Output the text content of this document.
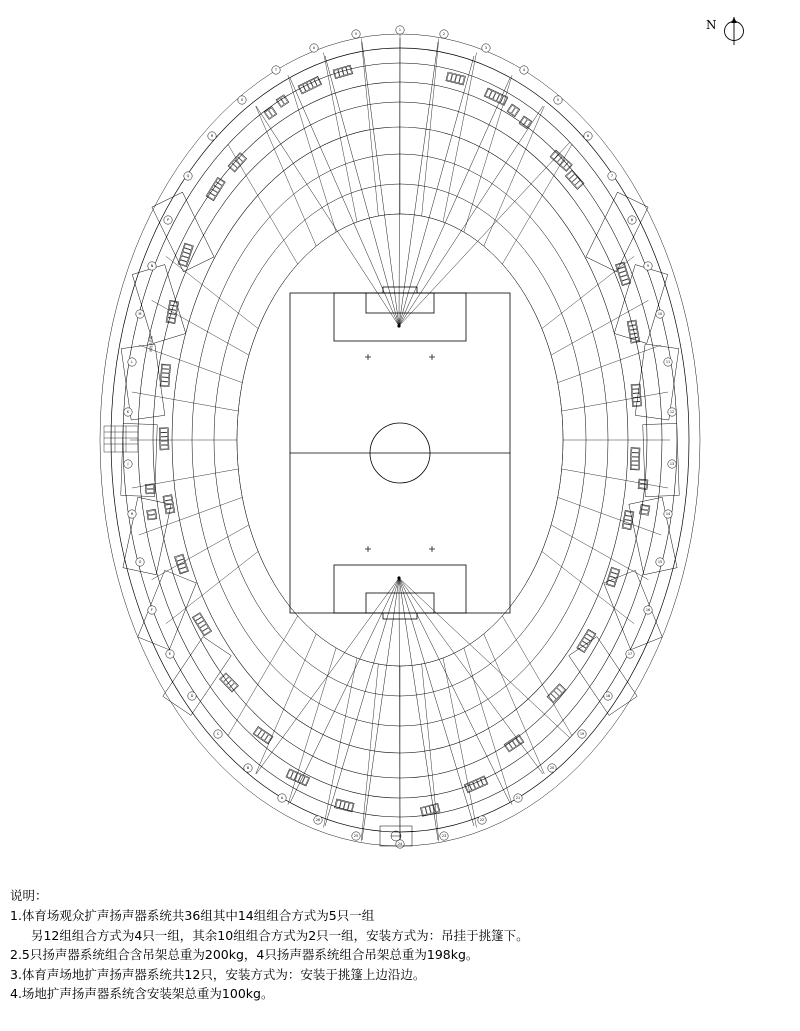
N
1
2
3
4
5
6
7
8
9
10
11
12
13
14
15
16
17
18
19
20
21
22
23
24
25
26
A
B
C
D
E
F
G
H
J
K
L
M
N
P
Q
R
S
T
U
V
场地扬声器
说明：
1.体育场观众扩声扬声器系统共36组其中14组组合方式为5只一组
另12组组合方式为4只一组，其余10组组合方式为2只一组，安装方式为：吊挂于挑篷下。
2.5只扬声器系统组合含吊架总重为200kg，4只扬声器系统组合吊架总重为198kg。
3.体育声场地扩声扬声器系统共12只，安装方式为：安装于挑篷上边沿边。
4.场地扩声扬声器系统含安装架总重为100kg。
